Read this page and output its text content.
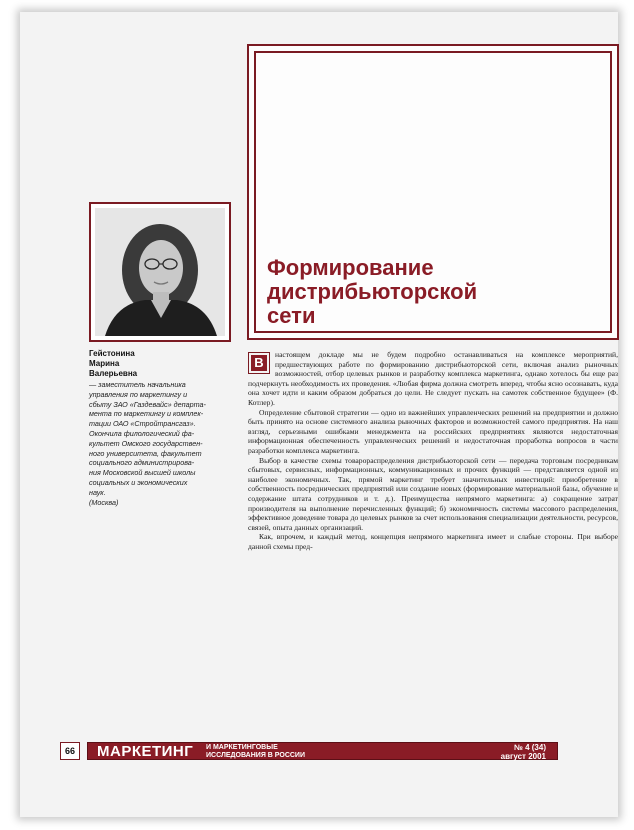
Формирование
дистрибьюторской
сети
Гейстонина
Марина
Валерьевна
— заместитель начальника
управления по маркетингу и
сбыту ЗАО «Газдевайс» департа-
мента по маркетингу и комплек-
тации ОАО «Стройтрансгаз».
Окончила филологический фа-
культет Омского государствен-
ного университета, факультет
социального администрирова-
ния Московской высшей школы
социальных и экономических
наук.
(Москва)

В
настоящем докладе мы не будем подробно останавливаться на комплексе мероприятий, предшествующих работе по формированию дистрибьюторской сети, включая анализ рыночных возможностей, отбор целевых рынков и разработку комплекса маркетинга, однако хотелось бы еще раз подчеркнуть необходимость их проведения. «Любая фирма должна смотреть вперед, чтобы ясно осознавать, куда она хочет идти и каким образом добраться до цели. Не следует пускать на самотек собственное будущее» (Ф. Котлер).

Определение сбытовой стратегии — одно из важнейших управленческих решений на предприятии и должно быть принято на основе системного анализа рыночных факторов и возможностей самого предприятия. На наш взгляд, серьезными ошибками менеджмента на российских предприятиях являются недостаточная информационная обеспеченность управленческих решений и недостаточная проработка вопросов в части разработки комплекса маркетинга.

Выбор в качестве схемы товарораспределения дистрибьюторской сети — передача торговым посредникам сбытовых, сервисных, информационных, коммуникационных и прочих функций — представляется одной из наиболее экономичных. Так, прямой маркетинг требует значительных инвестиций: приобретение в собственность посреднических предприятий или создание новых (формирование материальной базы, обучение и содержание штата сотрудников и т. д.). Преимущества непрямого маркетинга: а) сокращение затрат производителя на выполнение перечисленных функций; б) экономичность системы массового распределения, эффективное доведение товара до целевых рынков за счет использования специализации деятельности, ресурсов, связей, опыта данных организаций.

Как, впрочем, и каждый метод, концепция непрямого маркетинга имеет и слабые стороны. При выборе данной схемы пред-

66	МАРКЕТИНГ И МАРКЕТИНГОВЫЕ
ИССЛЕДОВАНИЯ В РОССИИ
№ 4 (34)
август 2001
